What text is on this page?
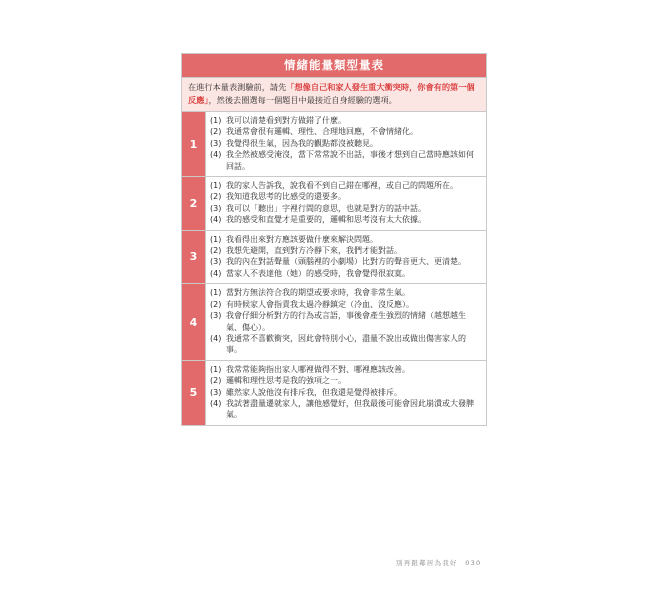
情緒能量類型量表
在進行本量表測驗前，請先「想像自己和家人發生重大衝突時，你會有的第一個反應」，然後去圈選每一個題目中最接近自身經驗的選項。
1
(1) 我可以清楚看到對方做錯了什麼。
(2) 我通常會很有邏輯、理性、合理地回應，不會情緒化。
(3) 我覺得很生氣，因為我的觀點都沒被聽見。
(4) 我全然被感受淹沒，當下常常說不出話，事後才想到自己當時應該如何回話。
2
(1) 我的家人告訴我，說我看不到自己錯在哪裡，或自己的問題所在。
(2) 我知道我思考的比感受的還要多。
(3) 我可以「聽出」字裡行間的意思，也就是對方的話中話。
(4) 我的感受和直覺才是重要的，邏輯和思考沒有太大依據。
3
(1) 我看得出來對方應該要做什麼來解決問題。
(2) 我想先避開，直到對方冷靜下來，我們才能對話。
(3) 我的內在對話聲量（頭腦裡的小劇場）比對方的聲音更大、更清楚。
(4) 當家人不表達他（她）的感受時，我會覺得很寂寞。
4
(1) 當對方無法符合我的期望或要求時，我會非常生氣。
(2) 有時候家人會指責我太過冷靜鎮定（冷血、沒反應）。
(3) 我會仔細分析對方的行為或言語，事後會產生強烈的情緒（越想越生氣、傷心）。
(4) 我通常不喜歡衝突，因此會特別小心，盡量不說出或做出傷害家人的事。
5
(1) 我常常能夠指出家人哪裡做得不對、哪裡應該改善。
(2) 邏輯和理性思考是我的強項之一。
(3) 雖然家人說他沒有排斥我，但我還是覺得被排斥。
(4) 我試著盡量遷就家人，讓他感覺好，但我最後可能會因此崩潰或大發脾氣。
別再跟鄰居為我好　030
